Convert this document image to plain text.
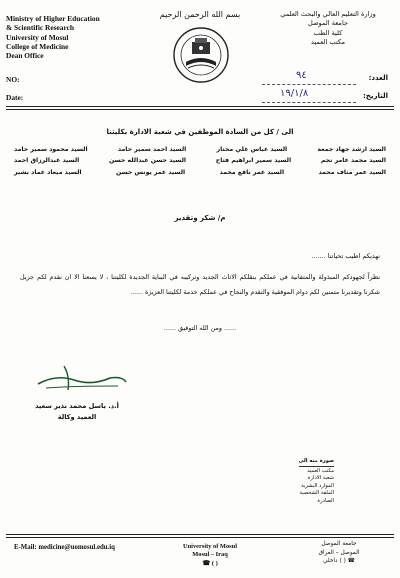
Ministry of Higher Education
& Scientific Research
University of Mosul
College of Medicine
Dean Office
NO:
Date:
بسم الله الرحمن الرحيم	وزارة التعليم العالي والبحث العلمي
جامعة الموصل
كلية الطب
مكتب العميد
العدد:
٩٤
التاريخ:
١٩/١/٨
الى / كل من السادة الموظفين في شعبة الادارة بكليتنا
السيد ارشد جهاد جمعة
السيد عباس علي مختار
السيد احمد سمير حامد
السيد محمود سمير حامد
السيد محمد عامر نجم
السيد سمير ابراهيم فتاح
السيد حسن عبدالله حسن
السيد عبدالرزاق احمد
السيد عمر مناف محمد
السيد عمر نافع محمد
السيد عمر يونس حسن
السيد ميعاد عماد بشير
م/ شكر وتقدير
نهديكم اطيب تحياتنا .......
نظراً لجهودكم المبذولة والمتفانية في عملكم بنقلكم الاثاث الجديد وتركيبه في البناية الجديدة لكليتنا ، لا يسعنا الا ان نقدم لكم جزيل شكرنا وتقديرنا متمنين لكم دوام الموفقية والتقدم والنجاح في عملكم خدمة لكليتنا العزيزة ......
...... ومن الله التوفيق ......
أ.د. باسل محمد نذير سعيد
العميد وكالة
صورة منه الى
مكتب العميد
شعبة الادارة
الموارد البشرية
الملفة الشخصية
الصادرة
E-Mail: medicine@uomosul.edu.iq	University of Mosul
Mosul – Iraq
☎ ( )
جامعة الموصل
الموصل – العراق
☎ ( ) داخلي
